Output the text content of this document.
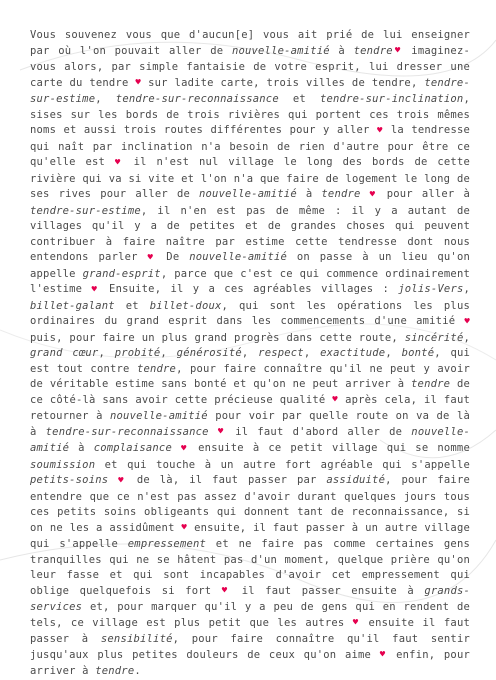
Vous souvenez vous que d'aucun[e] vous ait prié de lui enseigner par où l'on pouvait aller de nouvelle-amitié à tendre♥ imaginez-vous alors, par simple fantaisie de votre esprit, lui dresser une carte du tendre ♥ sur ladite carte, trois villes de tendre, tendre-sur-estime, tendre-sur-reconnaissance et tendre-sur-inclination, sises sur les bords de trois rivières qui portent ces trois mêmes noms et aussi trois routes différentes pour y aller ♥ la tendresse qui naît par inclination n'a besoin de rien d'autre pour être ce qu'elle est ♥ il n'est nul village le long des bords de cette rivière qui va si vite et l'on n'a que faire de logement le long de ses rives pour aller de nouvelle-amitié à tendre ♥ pour aller à tendre-sur-estime, il n'en est pas de même : il y a autant de villages qu'il y a de petites et de grandes choses qui peuvent contribuer à faire naître par estime cette tendresse dont nous entendons parler ♥ De nouvelle-amitié on passe à un lieu qu'on appelle grand-esprit, parce que c'est ce qui commence ordinairement l'estime ♥ Ensuite, il y a ces agréables villages : jolis-Vers, billet-galant et billet-doux, qui sont les opérations les plus ordinaires du grand esprit dans les commencements d'une amitié ♥ puis, pour faire un plus grand progrès dans cette route, sincérité, grand cœur, probité, générosité, respect, exactitude, bonté, qui est tout contre tendre, pour faire connaître qu'il ne peut y avoir de véritable estime sans bonté et qu'on ne peut arriver à tendre de ce côté-là sans avoir cette précieuse qualité ♥ après cela, il faut retourner à nouvelle-amitié pour voir par quelle route on va de là à tendre-sur-reconnaissance ♥ il faut d'abord aller de nouvelle-amitié à complaisance ♥ ensuite à ce petit village qui se nomme soumission et qui touche à un autre fort agréable qui s'appelle petits-soins ♥ de là, il faut passer par assiduité, pour faire entendre que ce n'est pas assez d'avoir durant quelques jours tous ces petits soins obligeants qui donnent tant de reconnaissance, si on ne les a assidûment ♥ ensuite, il faut passer à un autre village qui s'appelle empressement et ne faire pas comme certaines gens tranquilles qui ne se hâtent pas d'un moment, quelque prière qu'on leur fasse et qui sont incapables d'avoir cet empressement qui oblige quelquefois si fort ♥ il faut passer ensuite à grands-services et, pour marquer qu'il y a peu de gens qui en rendent de tels, ce village est plus petit que les autres ♥ ensuite il faut passer à sensibilité, pour faire connaître qu'il faut sentir jusqu'aux plus petites douleurs de ceux qu'on aime ♥ enfin, pour arriver à tendre.
